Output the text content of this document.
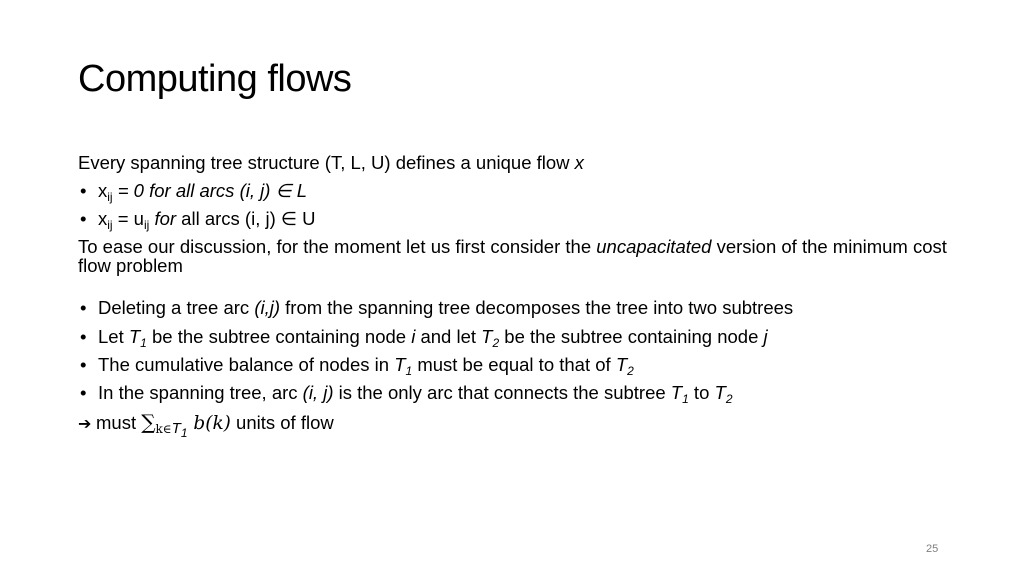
Computing flows
Every spanning tree structure (T, L, U) defines a unique flow x
• $x_{ij} = 0$ for all arcs (i, j) ∈ L
• $x_{ij} = u_{ij}$ for all arcs (i, j) ∈ U
To ease our discussion, for the moment let us first consider the uncapacitated version of the minimum cost flow problem
• Deleting a tree arc (i,j) from the spanning tree decomposes the tree into two subtrees
• Let $T_1$ be the subtree containing node i and let $T_2$ be the subtree containing node j
• The cumulative balance of nodes in $T_1$ must be equal to that of $T_2$
• In the spanning tree, arc (i, j) is the only arc that connects the subtree $T_1$ to $T_2$
➔ must $\sum_{k\in T1}$ b(k) units of flow
25
